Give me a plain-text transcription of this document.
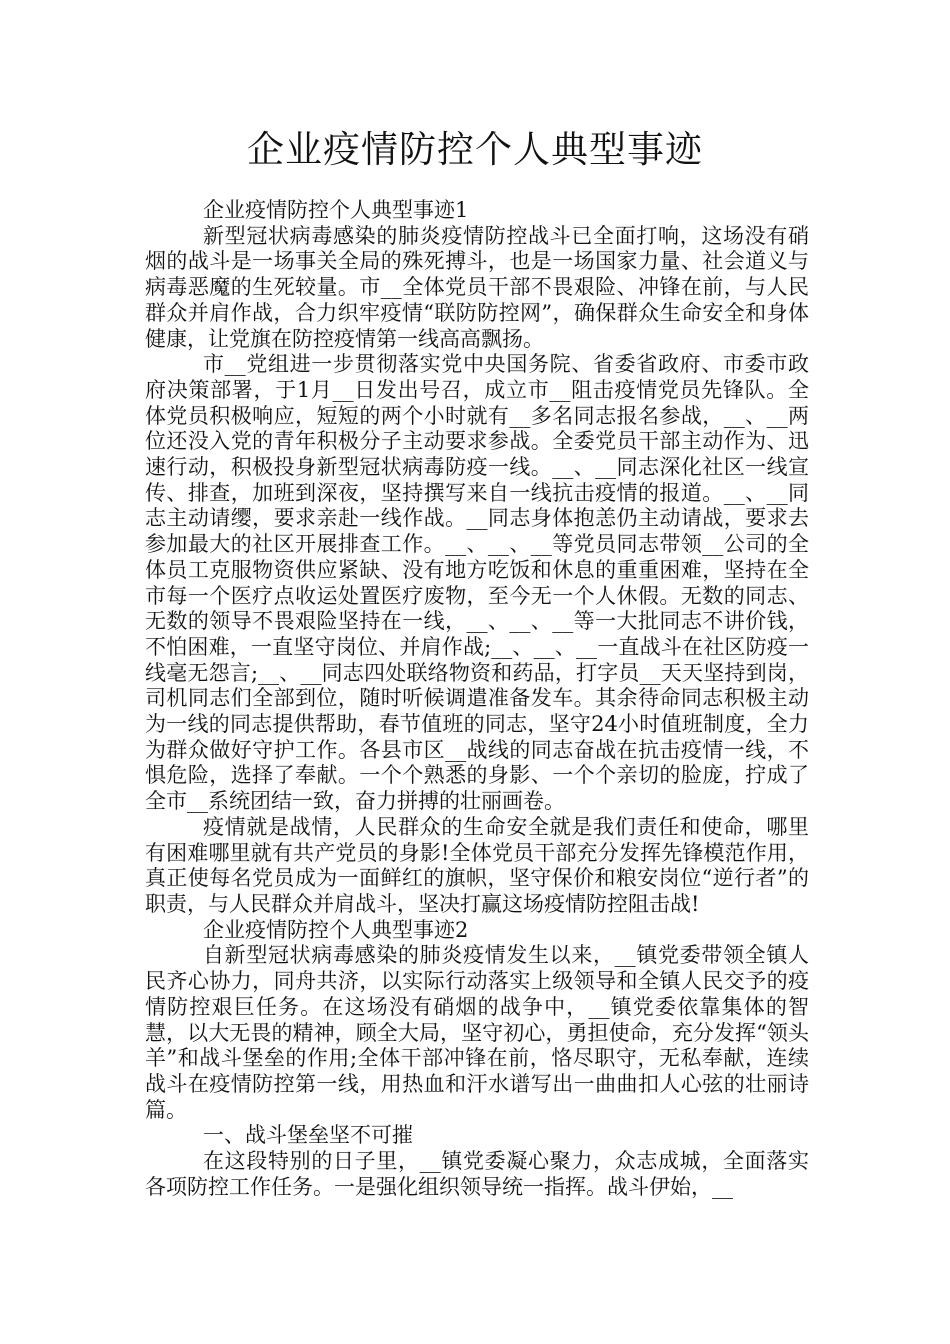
企业疫情防控个人典型事迹

企业疫情防控个人典型事迹1

新型冠状病毒感染的肺炎疫情防控战斗已全面打响，这场没有硝烟的战斗是一场事关全局的殊死搏斗，也是一场国家力量、社会道义与病毒恶魔的生死较量。市__全体党员干部不畏艰险、冲锋在前，与人民群众并肩作战，合力织牢疫情“联防防控网”，确保群众生命安全和身体健康，让党旗在防控疫情第一线高高飘扬。

市__党组进一步贯彻落实党中央国务院、省委省政府、市委市政府决策部署，于1月__日发出号召，成立市__阻击疫情党员先锋队。全体党员积极响应，短短的两个小时就有__多名同志报名参战，__、__两位还没入党的青年积极分子主动要求参战。全委党员干部主动作为、迅速行动，积极投身新型冠状病毒防疫一线。__、__同志深化社区一线宣传、排查，加班到深夜，坚持撰写来自一线抗击疫情的报道。__、__同志主动请缨，要求亲赴一线作战。__同志身体抱恙仍主动请战，要求去参加最大的社区开展排查工作。__、__、__等党员同志带领__公司的全体员工克服物资供应紧缺、没有地方吃饭和休息的重重困难，坚持在全市每一个医疗点收运处置医疗废物，至今无一个人休假。无数的同志、无数的领导不畏艰险坚持在一线，__、__、__等一大批同志不讲价钱，不怕困难，一直坚守岗位、并肩作战;__、__、__一直战斗在社区防疫一线毫无怨言;__、__同志四处联络物资和药品，打字员__天天坚持到岗，司机同志们全部到位，随时听候调遣准备发车。其余待命同志积极主动为一线的同志提供帮助，春节值班的同志，坚守24小时值班制度，全力为群众做好守护工作。各县市区__战线的同志奋战在抗击疫情一线，不惧危险，选择了奉献。一个个熟悉的身影、一个个亲切的脸庞，拧成了全市__系统团结一致，奋力拼搏的壮丽画卷。

疫情就是战情，人民群众的生命安全就是我们责任和使命，哪里有困难哪里就有共产党员的身影!全体党员干部充分发挥先锋模范作用，真正使每名党员成为一面鲜红的旗帜，坚守保价和粮安岗位“逆行者”的职责，与人民群众并肩战斗，坚决打赢这场疫情防控阻击战!

企业疫情防控个人典型事迹2

自新型冠状病毒感染的肺炎疫情发生以来，__镇党委带领全镇人民齐心协力，同舟共济，以实际行动落实上级领导和全镇人民交予的疫情防控艰巨任务。在这场没有硝烟的战争中，__镇党委依靠集体的智慧，以大无畏的精神，顾全大局，坚守初心，勇担使命，充分发挥“领头羊”和战斗堡垒的作用;全体干部冲锋在前，恪尽职守，无私奉献，连续战斗在疫情防控第一线，用热血和汗水谱写出一曲曲扣人心弦的壮丽诗篇。

一、战斗堡垒坚不可摧

在这段特别的日子里，__镇党委凝心聚力，众志成城，全面落实各项防控工作任务。一是强化组织领导统一指挥。战斗伊始，__
